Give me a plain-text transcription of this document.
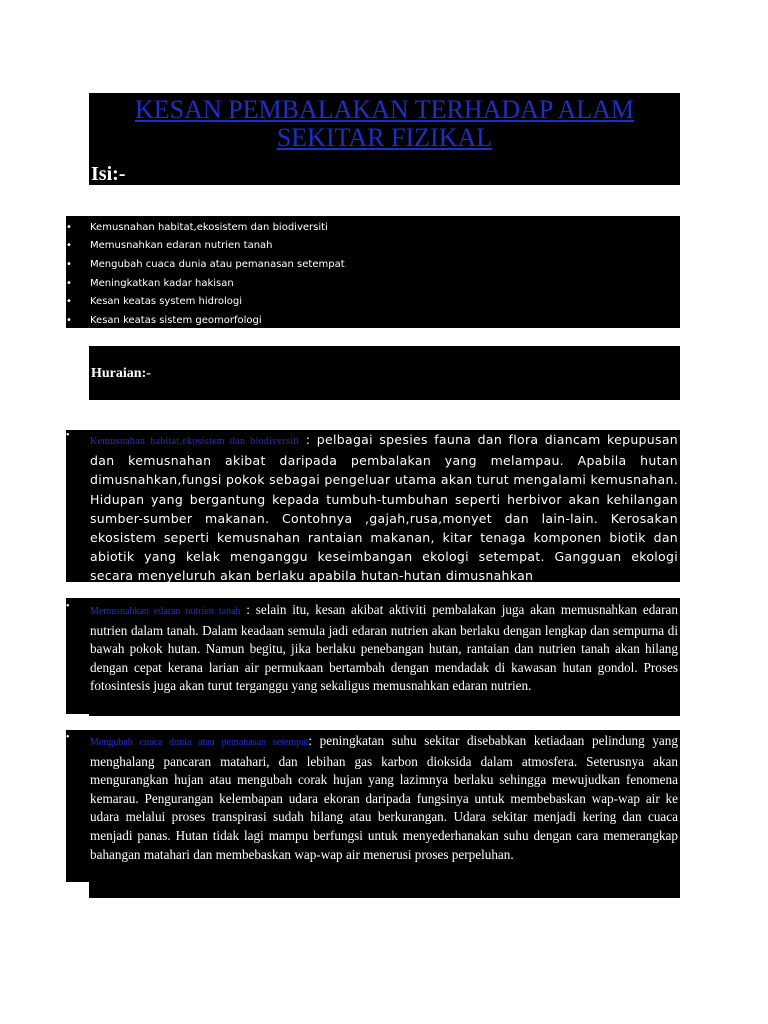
KESAN PEMBALAKAN TERHADAP ALAM SEKITAR FIZIKAL
Isi:-
• Kemusnahan habitat,ekosistem dan biodiversiti
• Memusnahkan edaran nutrien tanah
• Mengubah cuaca dunia atau pemanasan setempat
• Meningkatkan kadar hakisan
• Kesan keatas system hidrologi
• Kesan keatas sistem geomorfologi
Huraian:-
•
Kemusnahan habitat,ekosistem dan biodiversiti : pelbagai spesies fauna dan flora diancam kepupusan dan kemusnahan akibat daripada pembalakan yang melampau. Apabila hutan dimusnahkan,fungsi pokok sebagai pengeluar utama akan turut mengalami kemusnahan. Hidupan yang bergantung kepada tumbuh-tumbuhan seperti herbivor akan kehilangan sumber-sumber makanan. Contohnya ,gajah,rusa,monyet dan lain-lain. Kerosakan ekosistem seperti kemusnahan rantaian makanan, kitar tenaga komponen biotik dan abiotik yang kelak menganggu keseimbangan ekologi setempat. Gangguan ekologi secara menyeluruh akan berlaku apabila hutan-hutan dimusnahkan
• Memusnahkan edaran nutrien tanah : selain itu, kesan akibat aktiviti pembalakan juga akan memusnahkan edaran nutrien dalam tanah. Dalam keadaan semula jadi edaran nutrien akan berlaku dengan lengkap dan sempurna di bawah pokok hutan. Namun begitu, jika berlaku penebangan hutan, rantaian dan nutrien tanah akan hilang dengan cepat kerana larian air permukaan bertambah dengan mendadak di kawasan hutan gondol. Proses fotosintesis juga akan turut terganggu yang sekaligus memusnahkan edaran nutrien.
• Mengubah cuaca dunia atau pemanasan setempat: peningkatan suhu sekitar disebabkan ketiadaan pelindung yang menghalang pancaran matahari, dan lebihan gas karbon dioksida dalam atmosfera. Seterusnya akan mengurangkan hujan atau mengubah corak hujan yang lazimnya berlaku sehingga mewujudkan fenomena kemarau. Pengurangan kelembapan udara ekoran daripada fungsinya untuk membebaskan wap-wap air ke udara melalui proses transpirasi sudah hilang atau berkurangan. Udara sekitar menjadi kering dan cuaca menjadi panas. Hutan tidak lagi mampu berfungsi untuk menyederhanakan suhu dengan cara memerangkap bahangan matahari dan membebaskan wap-wap air menerusi proses perpeluhan.
